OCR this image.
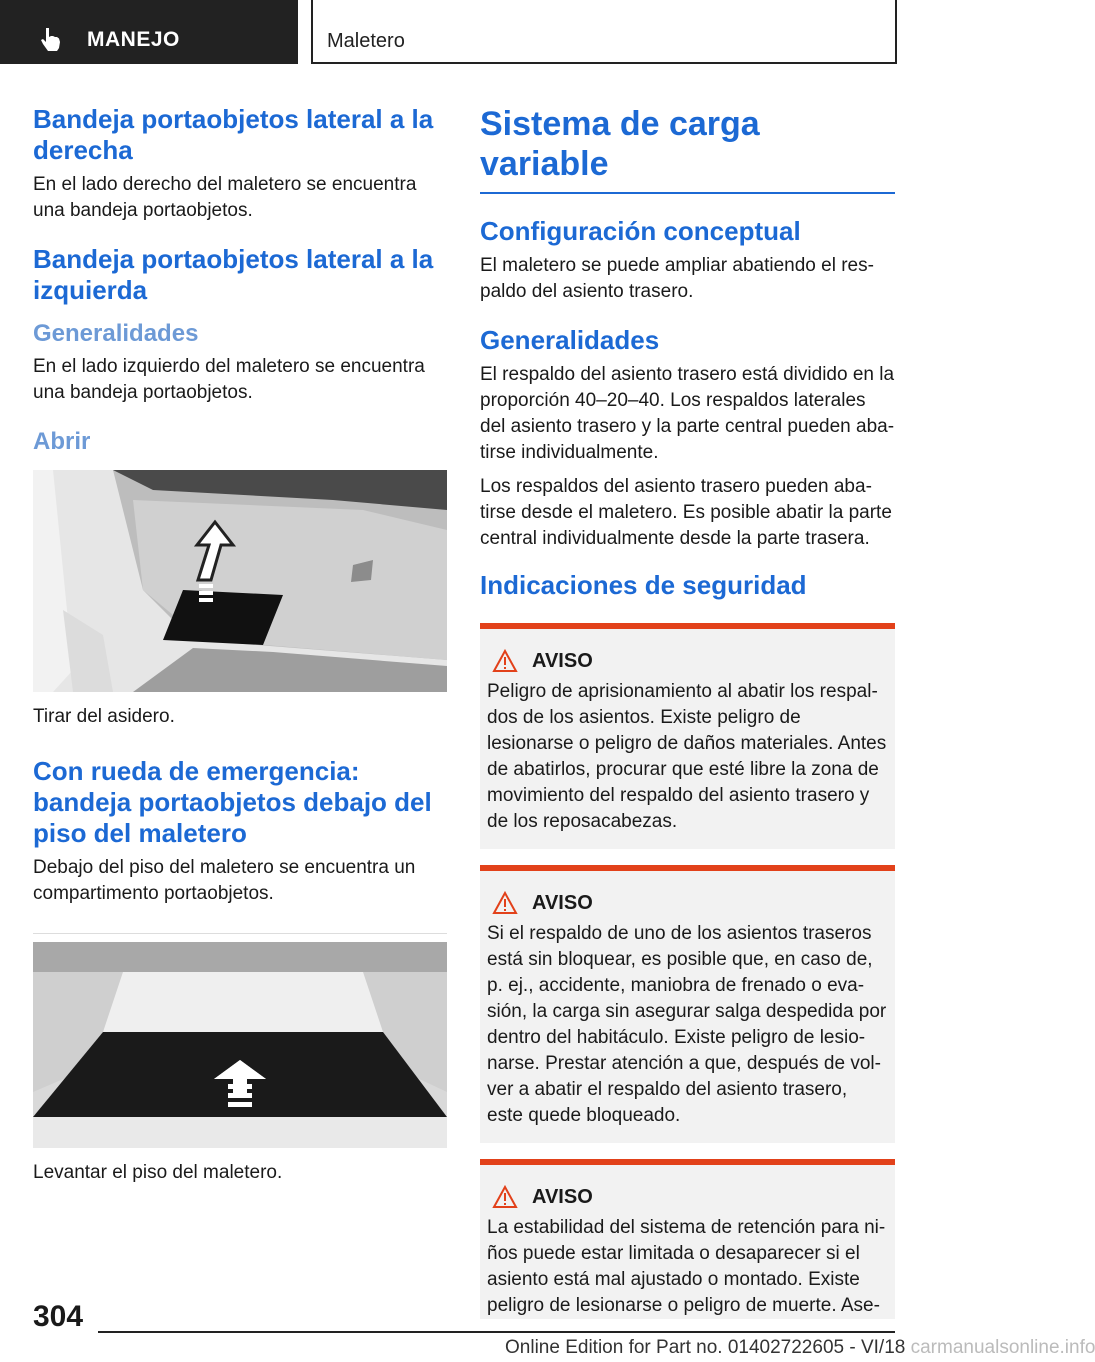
MANEJO	Maletero
Bandeja portaobjetos lateral a la derecha

En el lado derecho del maletero se encuentra una bandeja portaobjetos.

Bandeja portaobjetos lateral a la izquierda
Generalidades

En el lado izquierdo del maletero se encuentra una bandeja portaobjetos.

Abrir

Tirar del asidero.

Con rueda de emergencia: bandeja portaobjetos debajo del piso del maletero

Debajo del piso del maletero se encuentra un compartimento portaobjetos.

Levantar el piso del maletero.

Sistema de carga variable
Configuración conceptual

El maletero se puede ampliar abatiendo el respaldo del asiento trasero.

Generalidades

El respaldo del asiento trasero está dividido en la proporción 40–20–40. Los respaldos laterales del asiento trasero y la parte central pueden abatirse individualmente.

Los respaldos del asiento trasero pueden abatirse desde el maletero. Es posible abatir la parte central individualmente desde la parte trasera.

Indicaciones de seguridad
AVISO

Peligro de aprisionamiento al abatir los respaldos de los asientos. Existe peligro de lesionarse o peligro de daños materiales. Antes de abatirlos, procurar que esté libre la zona de movimiento del respaldo del asiento trasero y de los reposacabezas.

AVISO

Si el respaldo de uno de los asientos traseros está sin bloquear, es posible que, en caso de, p. ej., accidente, maniobra de frenado o evasión, la carga sin asegurar salga despedida por dentro del habitáculo. Existe peligro de lesionarse. Prestar atención a que, después de volver a abatir el respaldo del asiento trasero, este quede bloqueado.

AVISO

La estabilidad del sistema de retención para niños puede estar limitada o desaparecer si el asiento está mal ajustado o montado. Existe peligro de lesionarse o peligro de muerte. Ase-

304
Online Edition for Part no. 01402722605 - VI/18 carmanualsonline.info
